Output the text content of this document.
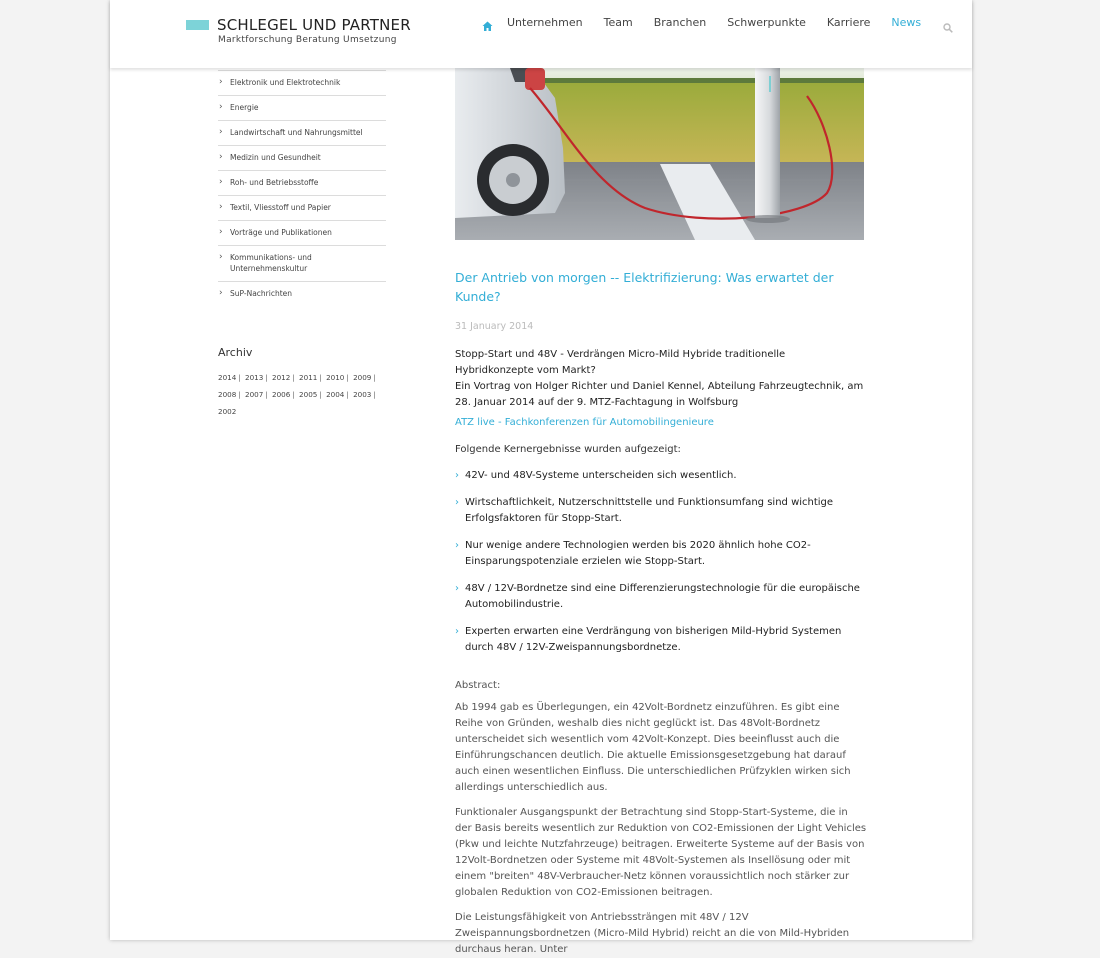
SCHLEGEL UND PARTNER
Marktforschung Beratung Umsetzung
Unternehmen Team Branchen Schwerpunkte Karriere News
› Elektronik und Elektrotechnik
› Energie
› Landwirtschaft und Nahrungsmittel
› Medizin und Gesundheit
› Roh- und Betriebsstoffe
› Textil, Vliesstoff und Papier
› Vorträge und Publikationen
› Kommunikations- und Unternehmenskultur
› SuP-Nachrichten
Archiv
2014 | 2013 | 2012 | 2011 | 2010 | 2009 |
2008 | 2007 | 2006 | 2005 | 2004 | 2003 |
2002
Der Antrieb von morgen -- Elektrifizierung: Was erwartet der Kunde?
31 January 2014
Stopp-Start und 48V - Verdrängen Micro-Mild Hybride traditionelle Hybridkonzepte vom Markt?
Ein Vortrag von Holger Richter und Daniel Kennel, Abteilung Fahrzeugtechnik, am 28. Januar 2014 auf der 9. MTZ-Fachtagung in Wolfsburg
ATZ live - Fachkonferenzen für Automobilingenieure
Folgende Kernergebnisse wurden aufgezeigt:
› 42V- und 48V-Systeme unterscheiden sich wesentlich.
› Wirtschaftlichkeit, Nutzerschnittstelle und Funktionsumfang sind wichtige Erfolgsfaktoren für Stopp-Start.
› Nur wenige andere Technologien werden bis 2020 ähnlich hohe CO2-Einsparungspotenziale erzielen wie Stopp-Start.
› 48V / 12V-Bordnetze sind eine Differenzierungstechnologie für die europäische Automobilindustrie.
› Experten erwarten eine Verdrängung von bisherigen Mild-Hybrid Systemen durch 48V / 12V-Zweispannungsbordnetze.
Abstract:
Ab 1994 gab es Überlegungen, ein 42Volt-Bordnetz einzuführen. Es gibt eine Reihe von Gründen, weshalb dies nicht geglückt ist. Das 48Volt-Bordnetz unterscheidet sich wesentlich vom 42Volt-Konzept. Dies beeinflusst auch die Einführungschancen deutlich. Die aktuelle Emissionsgesetzgebung hat darauf auch einen wesentlichen Einfluss. Die unterschiedlichen Prüfzyklen wirken sich allerdings unterschiedlich aus.
Funktionaler Ausgangspunkt der Betrachtung sind Stopp-Start-Systeme, die in der Basis bereits wesentlich zur Reduktion von CO2-Emissionen der Light Vehicles (Pkw und leichte Nutzfahrzeuge) beitragen. Erweiterte Systeme auf der Basis von 12Volt-Bordnetzen oder Systeme mit 48Volt-Systemen als Insellösung oder mit einem "breiten" 48V-Verbraucher-Netz können voraussichtlich noch stärker zur globalen Reduktion von CO2-Emissionen beitragen.
Die Leistungsfähigkeit von Antriebssträngen mit 48V / 12V Zweispannungsbordnetzen (Micro-Mild Hybrid) reicht an die von Mild-Hybriden durchaus heran. Unter
